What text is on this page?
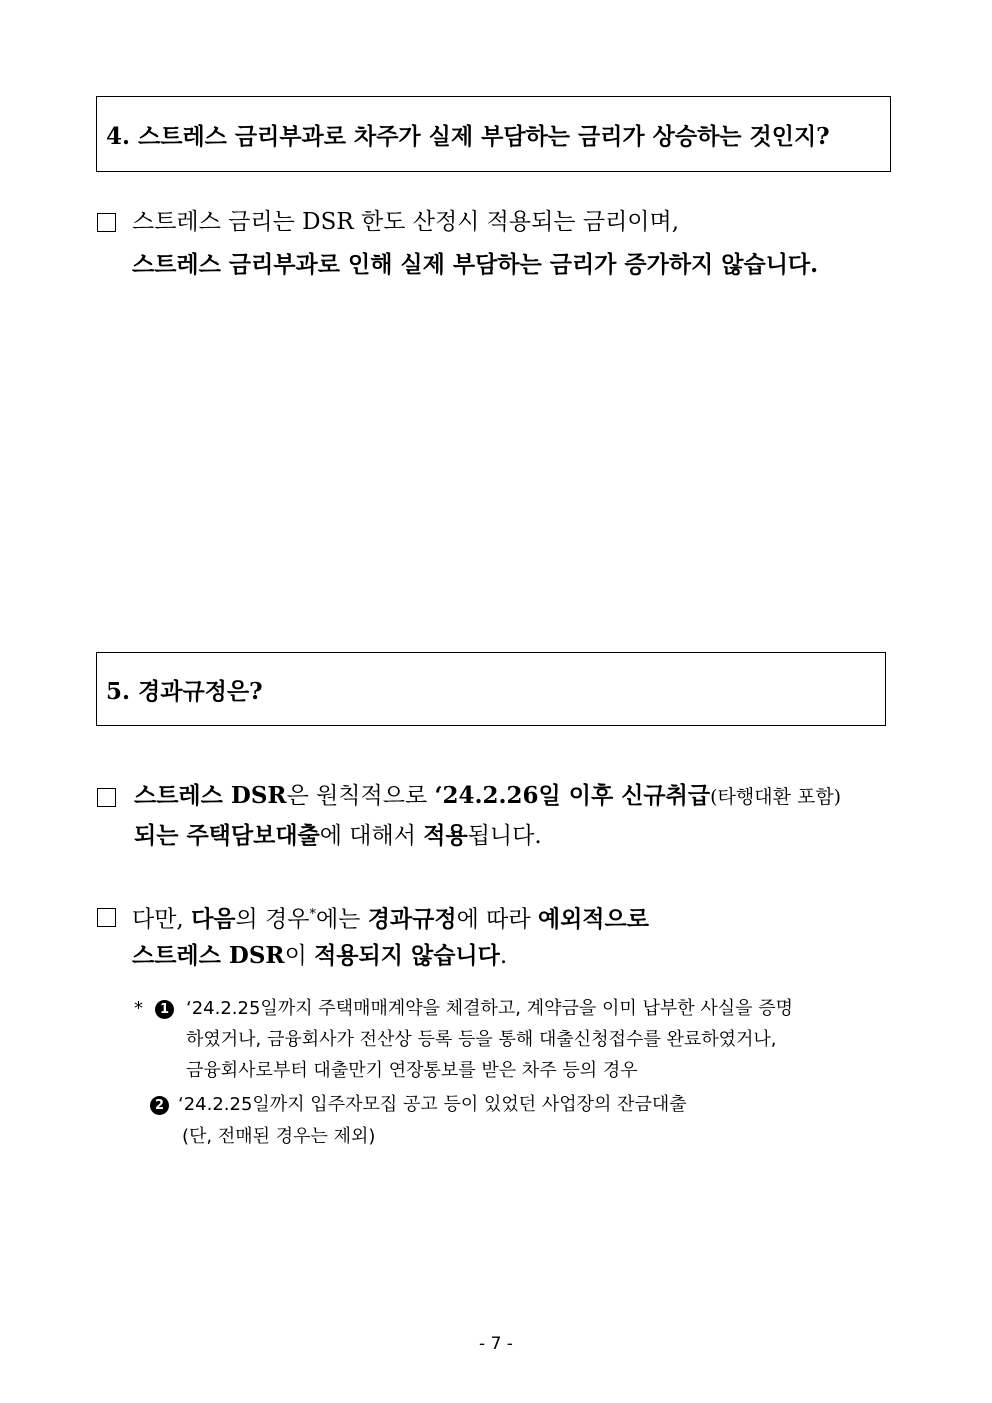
4. 스트레스 금리부과로 차주가 실제 부담하는 금리가 상승하는 것인지?
스트레스 금리는 DSR 한도 산정시 적용되는 금리이며,
스트레스 금리부과로 인해 실제 부담하는 금리가 증가하지 않습니다.
5. 경과규정은?
스트레스 DSR은 원칙적으로 ‘24.2.26일 이후 신규취급(타행대환 포함)
되는 주택담보대출에 대해서 적용됩니다.
다만, 다음의 경우*에는 경과규정에 따라 예외적으로
스트레스 DSR이 적용되지 않습니다.
*	1 ‘24.2.25일까지 주택매매계약을 체결하고, 계약금을 이미 납부한 사실을 증명
하였거나, 금융회사가 전산상 등록 등을 통해 대출신청접수를 완료하였거나,
금융회사로부터 대출만기 연장통보를 받은 차주 등의 경우
2 ‘24.2.25일까지 입주자모집 공고 등이 있었던 사업장의 잔금대출
(단, 전매된 경우는 제외)
- 7 -
